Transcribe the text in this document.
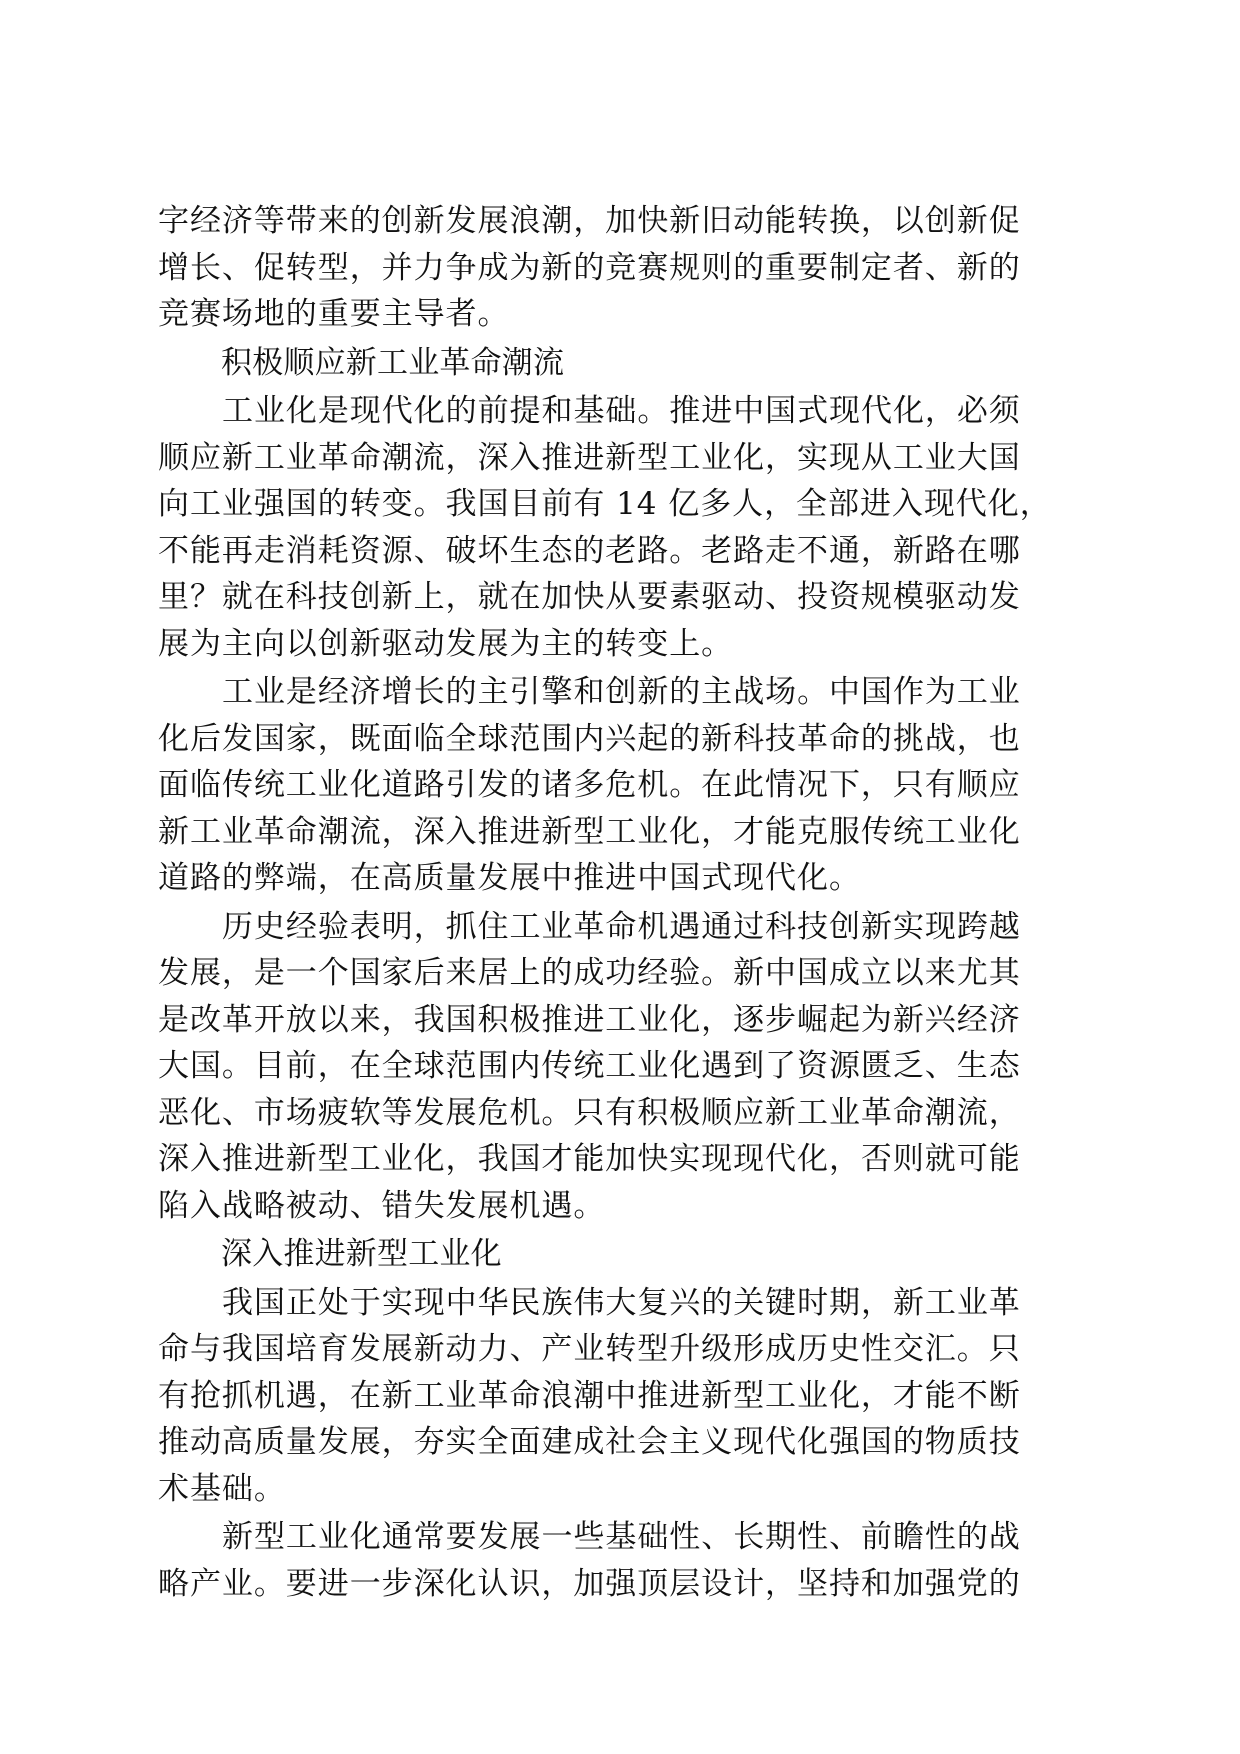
字经济等带来的创新发展浪潮，加快新旧动能转换，以创新促
增长、促转型，并力争成为新的竞赛规则的重要制定者、新的
竞赛场地的重要主导者。
积极顺应新工业革命潮流
工业化是现代化的前提和基础。推进中国式现代化，必须
顺应新工业革命潮流，深入推进新型工业化，实现从工业大国
向工业强国的转变。我国目前有 14 亿多人，全部进入现代化，
不能再走消耗资源、破坏生态的老路。老路走不通，新路在哪
里？就在科技创新上，就在加快从要素驱动、投资规模驱动发
展为主向以创新驱动发展为主的转变上。
工业是经济增长的主引擎和创新的主战场。中国作为工业
化后发国家，既面临全球范围内兴起的新科技革命的挑战，也
面临传统工业化道路引发的诸多危机。在此情况下，只有顺应
新工业革命潮流，深入推进新型工业化，才能克服传统工业化
道路的弊端，在高质量发展中推进中国式现代化。
历史经验表明，抓住工业革命机遇通过科技创新实现跨越
发展，是一个国家后来居上的成功经验。新中国成立以来尤其
是改革开放以来，我国积极推进工业化，逐步崛起为新兴经济
大国。目前，在全球范围内传统工业化遇到了资源匮乏、生态
恶化、市场疲软等发展危机。只有积极顺应新工业革命潮流，
深入推进新型工业化，我国才能加快实现现代化，否则就可能
陷入战略被动、错失发展机遇。
深入推进新型工业化
我国正处于实现中华民族伟大复兴的关键时期，新工业革
命与我国培育发展新动力、产业转型升级形成历史性交汇。只
有抢抓机遇，在新工业革命浪潮中推进新型工业化，才能不断
推动高质量发展，夯实全面建成社会主义现代化强国的物质技
术基础。
新型工业化通常要发展一些基础性、长期性、前瞻性的战
略产业。要进一步深化认识，加强顶层设计，坚持和加强党的
